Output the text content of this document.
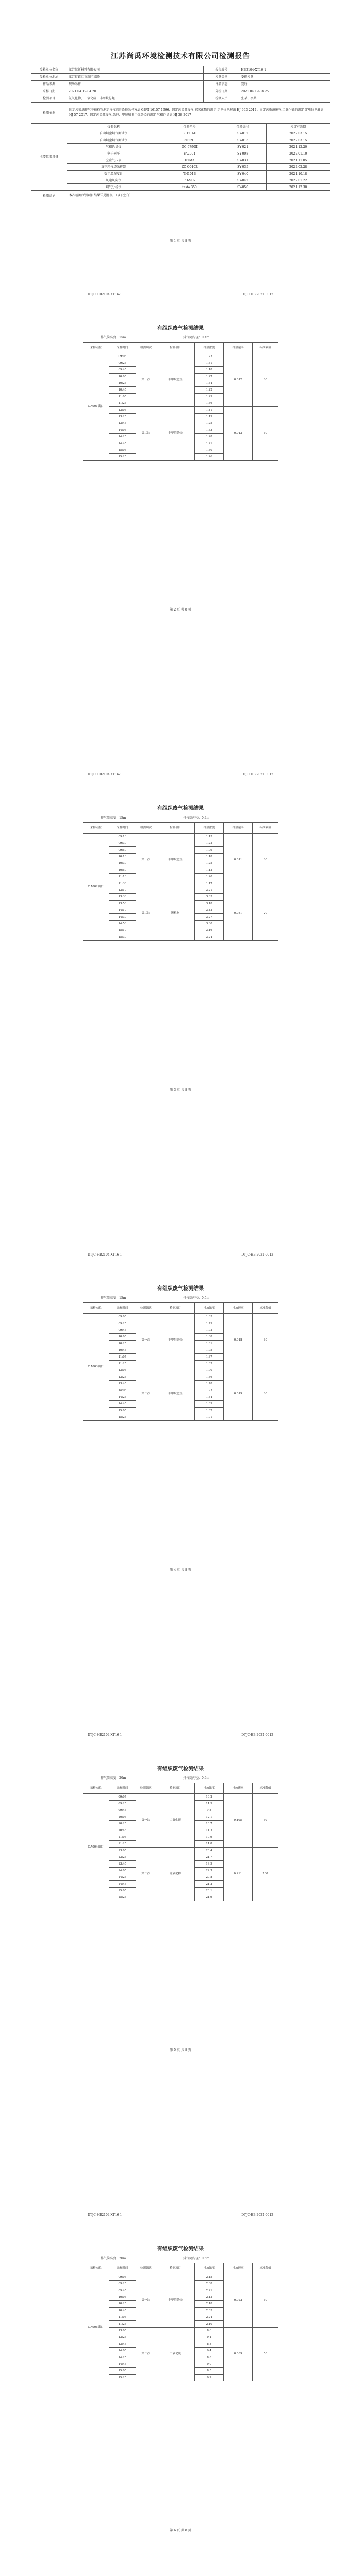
江苏尚禹环境检测技术有限公司检测报告
受检单位名称	江苏某新材料有限公司	报告编号	HB2104·XT16-1
受检单位地址	江苏省镇江市新区某路	检测类别	委托检测
样品来源	现场采样	样品状态	完好
采样日期	2021.04.19-04.20	分析日期	2021.04.19-04.25
检测项目	氮氧化物、二氧化硫、非甲烷总烃	检测人员	张某、李某
检测依据	固定污染源排气中颗粒物测定与气态污染物采样方法 GB/T 16157-1996；固定污染源废气 氮氧化物的测定 定电位电解法 HJ 693-2014；固定污染源废气 二氧化硫的测定 定电位电解法 HJ 57-2017；固定污染源废气 总烃、甲烷和非甲烷总烃的测定 气相色谱法 HJ 38-2017
主要仪器设备	
仪器名称	仪器型号	仪器编号	检定有效期
自动烟尘烟气测试仪	3012H-D	SY-012	2022.03.15
自动烟尘烟气测试仪	3012H	SY-013	2022.03.15
气相色谱仪	GC-9790Ⅱ	SY-021	2021.12.20
电子天平	FA2004	SY-008	2022.01.10
空盒气压表	DYM3	SY-031	2021.11.05
真空箱气袋采样器	ZC-Q0102	SY-035	2022.02.28
数字温湿度计	TH101B	SY-040	2021.10.18
风速风向仪	PH-SD2	SY-042	2022.01.22
烟气分析仪	testo 350	SY-050	2021.12.30

检测结论	本次检测所测项目结果详见附表。（以下空白）
第 1 页 共 8 页
DTJC·HB2104·XT16-1	DTJC·HB·2021·0012
有组织废气检测结果
排气筒高度：15m	排气筒内径：0.4m
采样点位	采样时间	检测频次	检测项目	排放浓度	排放速率	标准限值
DA001出口	09:05	第一次	非甲烷总烃	1.23	0.012	60
	09:25			1.31		
	09:45			1.18		
	10:05			1.27		
	10:25			1.34		
	10:45			1.22		
	11:05			1.29		
	11:25			1.36		
	13:05	第二次	非甲烷总烃	1.41	0.013	60
	13:25			1.19		
	13:45			1.25		
	14:05			1.33		
	14:25			1.28		
	14:45			1.21		
	15:05			1.30		
	15:25			1.26		
第 2 页 共 8 页
DTJC·HB2104·XT16-1	DTJC·HB·2021·0012
有组织废气检测结果
排气筒高度：15m	排气筒内径：0.4m
采样点位	采样时间	检测频次	检测项目	排放浓度	排放速率	标准限值
DA002出口	09:10	第一次	非甲烷总烃	1.15	0.011	60
	09:30			1.22		
	09:50			1.09		
	10:10			1.18		
	10:30			1.25		
	10:50			1.12		
	11:10			1.20		
	11:30			1.17		
	13:10	第二次	颗粒物	3.21	0.031	20
	13:30			3.35		
	13:50			3.18		
	14:10			3.42		
	14:30			3.27		
	14:50			3.30		
	15:10			3.16		
	15:30			3.24		
第 3 页 共 8 页
DTJC·HB2104·XT16-1	DTJC·HB·2021·0012
有组织废气检测结果
排气筒高度：15m	排气筒内径：0.5m
采样点位	采样时间	检测频次	检测项目	排放浓度	排放速率	标准限值
DA003出口	09:05	第一次	非甲烷总烃	1.85	0.018	60
	09:25			1.79		
	09:45			1.92		
	10:05			1.88		
	10:25			1.81		
	10:45			1.95		
	11:05			1.87		
	11:25			1.83		
	13:05	第二次	非甲烷总烃	1.90	0.019	60
	13:25			1.86		
	13:45			1.78		
	14:05			1.93		
	14:25			1.84		
	14:45			1.89		
	15:05			1.82		
	15:25			1.91		
第 4 页 共 8 页
DTJC·HB2104·XT16-1	DTJC·HB·2021·0012
有组织废气检测结果
排气筒高度：20m	排气筒内径：0.6m
采样点位	采样时间	检测频次	检测项目	排放浓度	排放速率	标准限值
DA004出口	09:05	第一次	二氧化硫	10.2	0.105	50
	09:25			11.5		
	09:45			9.8		
	10:05			12.1		
	10:25			10.7		
	10:45			11.3		
	11:05			10.9		
	11:25			11.8		
	13:05	第二次	氮氧化物	20.4	0.211	100
	13:25			21.7		
	13:45			19.9		
	14:05			22.3		
	14:25			20.8		
	14:45			21.2		
	15:05			20.1		
	15:25			21.9		
第 5 页 共 8 页
DTJC·HB2104·XT16-1	DTJC·HB·2021·0012
有组织废气检测结果
排气筒高度：20m	排气筒内径：0.6m
采样点位	采样时间	检测频次	检测项目	排放浓度	排放速率	标准限值
DA005出口	09:05	第一次	非甲烷总烃	2.15	0.022	60
	09:25			2.08		
	09:45			2.21		
	10:05			2.12		
	10:25			2.18		
	10:45			2.05		
	11:05			2.24		
	11:25			2.10		
	13:05	第二次	二氧化硫	8.6	0.089	50
	13:25			9.1		
	13:45			8.3		
	14:05			9.4		
	14:25			8.8		
	14:45			9.0		
	15:05			8.5		
	15:25			9.2		
第 6 页 共 8 页
